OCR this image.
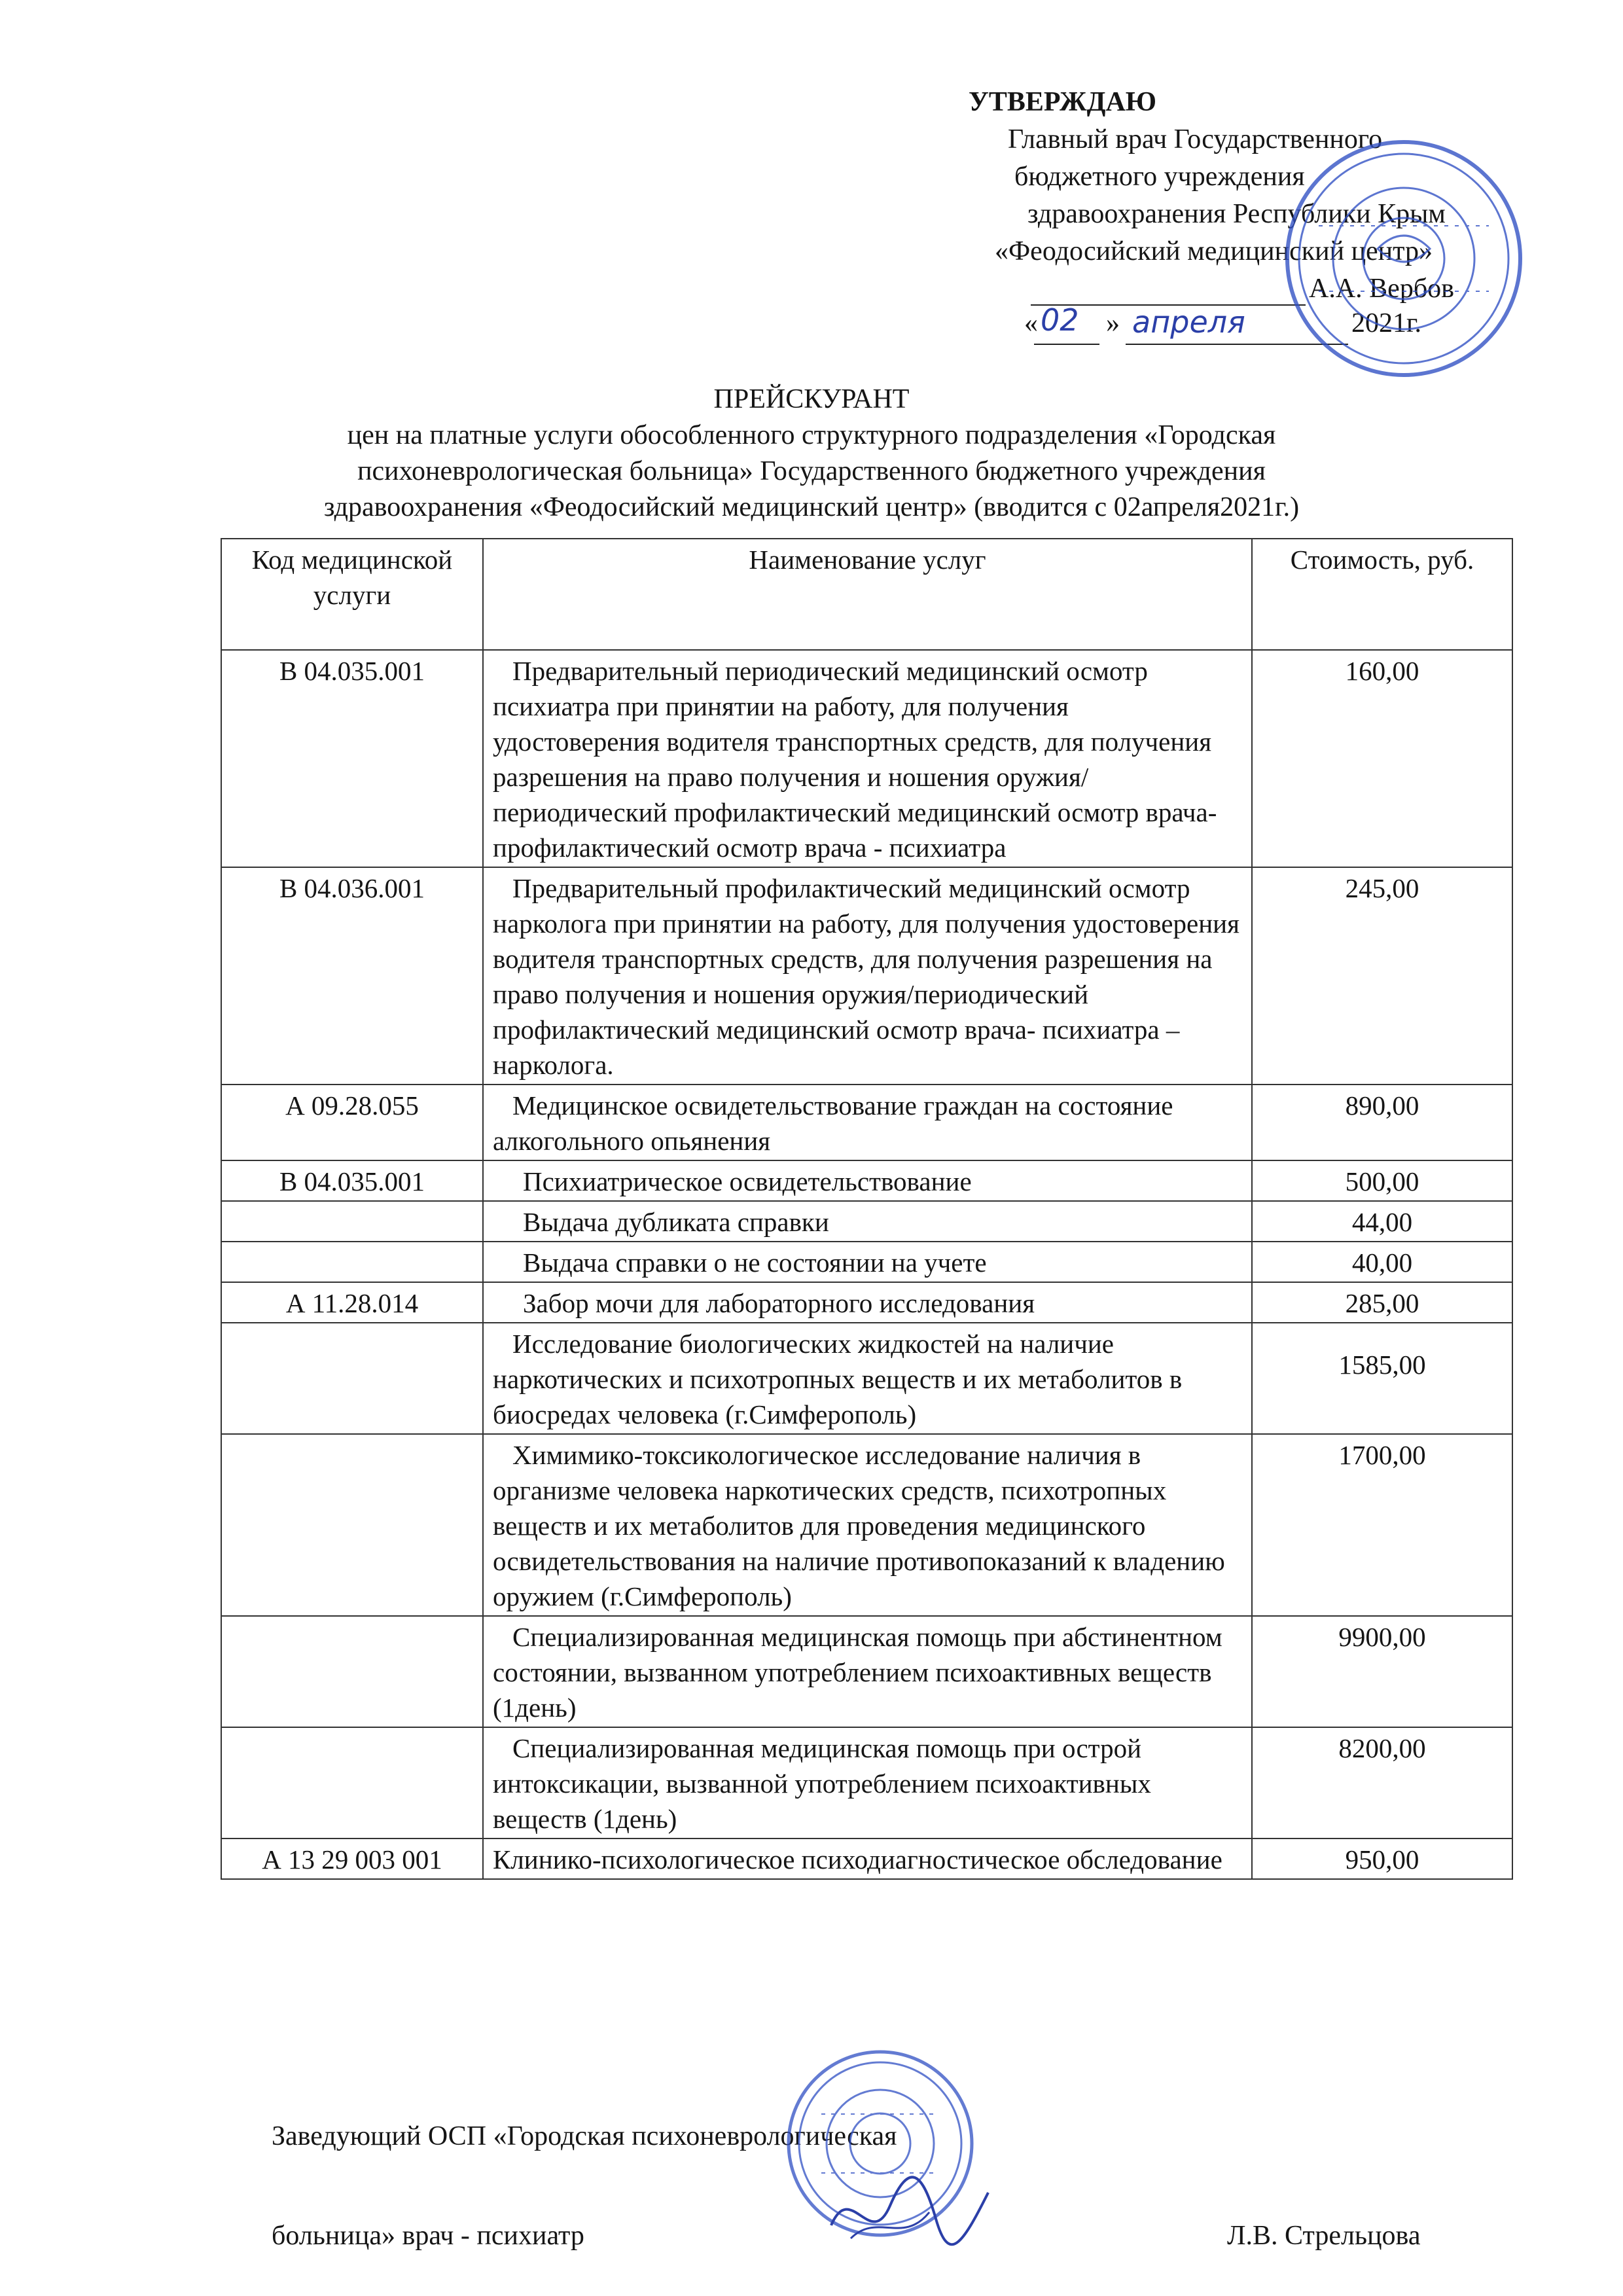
УТВЕРЖДАЮ
Главный врач Государственного
бюджетного учреждения
здравоохранения Республики Крым
«Феодосийский медицинский центр»
А.А. Вербов
« 02 » апреля	2021г.
ПРЕЙСКУРАНТ
цен на платные услуги обособленного структурного подразделения «Городская
психоневрологическая больница» Государственного бюджетного учреждения
здравоохранения «Феодосийский медицинский центр» (вводится с 02апреля2021г.)
Код медицинской услуги	Наименование услуг	Стоимость, руб.
В 04.035.001	Предварительный периодический медицинский осмотр психиатра при принятии на работу, для получения удостоверения водителя транспортных средств, для получения разрешения на право получения и ношения оружия/периодический профилактический медицинский осмотр врача-профилактический осмотр врача - психиатра	160,00
В 04.036.001	Предварительный профилактический медицинский осмотр нарколога при принятии на работу, для получения удостоверения водителя транспортных средств, для получения разрешения на право получения и ношения оружия/периодический профилактический медицинский осмотр врача- психиатра – нарколога.	245,00
А 09.28.055	Медицинское освидетельствование граждан на состояние алкогольного опьянения	890,00
В 04.035.001	Психиатрическое освидетельствование	500,00
	Выдача дубликата справки	44,00
	Выдача справки о не состоянии на учете	40,00
А 11.28.014	Забор мочи для лабораторного исследования	285,00
	Исследование биологических жидкостей на наличие наркотических и психотропных веществ и их метаболитов в биосредах человека (г.Симферополь)	1585,00
	Химимико-токсикологическое исследование наличия в организме человека наркотических средств, психотропных веществ и их метаболитов для проведения медицинского освидетельствования на наличие противопоказаний к владению оружием (г.Симферополь)	1700,00
	Специализированная медицинская помощь при абстинентном состоянии, вызванном употреблением психоактивных веществ (1день)	9900,00
	Специализированная медицинская помощь при острой интоксикации, вызванной употреблением психоактивных веществ (1день)	8200,00
А 13 29 003 001	Клинико-психологическое психодиагностическое обследование	950,00
Заведующий ОСП «Городская психоневрологическая
больница» врач - психиатр	Л.В. Стрельцова
